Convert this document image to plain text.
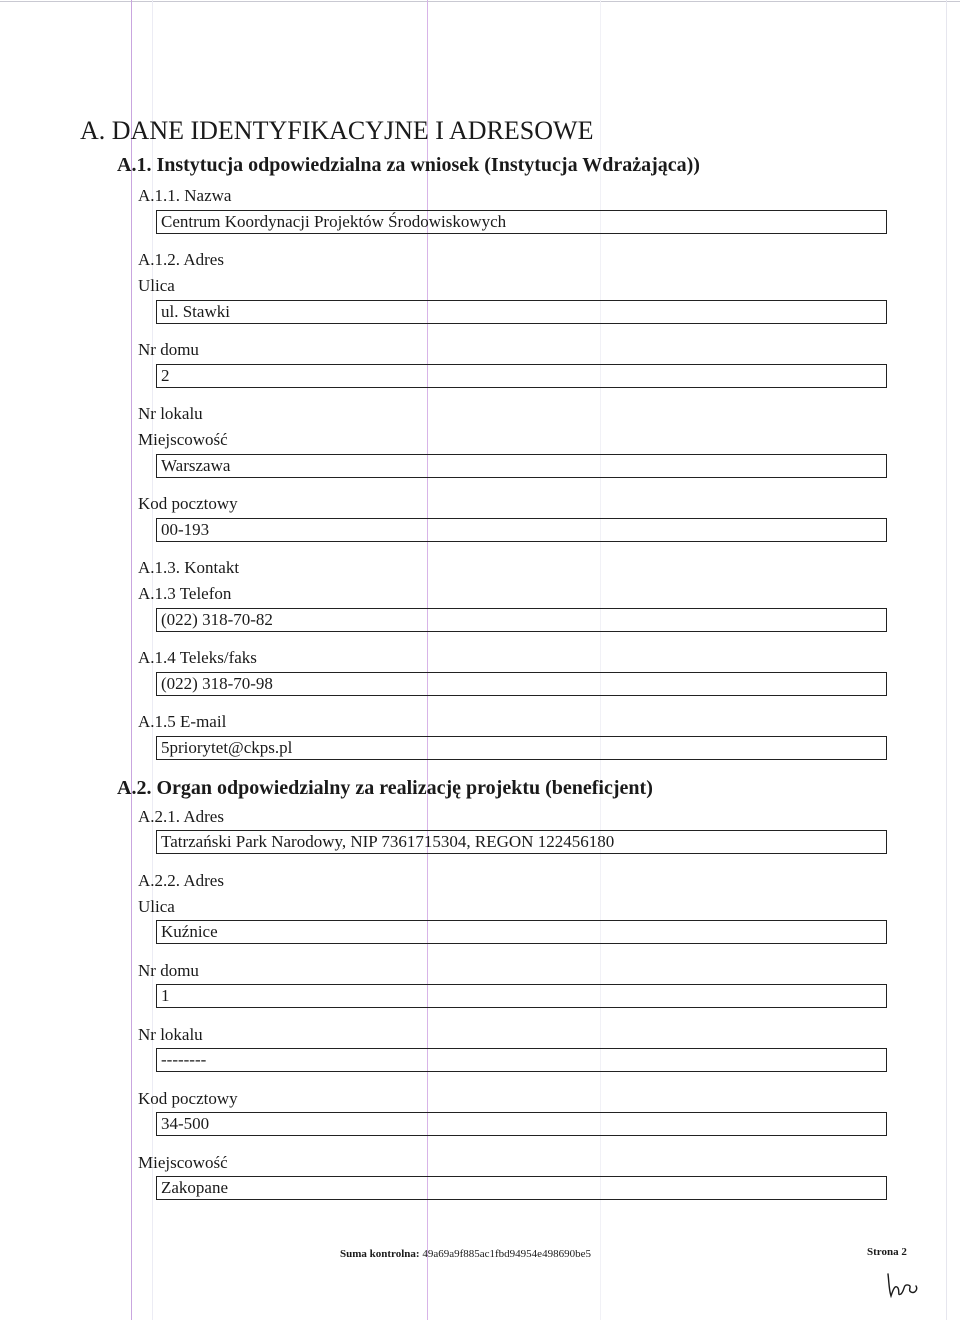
A. DANE IDENTYFIKACYJNE I ADRESOWE
A.1. Instytucja odpowiedzialna za wniosek (Instytucja Wdrażająca))
A.1.1. Nazwa
Centrum Koordynacji Projektów Środowiskowych
A.1.2. Adres
Ulica
ul. Stawki
Nr domu
2
Nr lokalu
Miejscowość
Warszawa
Kod pocztowy
00-193
A.1.3. Kontakt
A.1.3 Telefon
(022) 318-70-82
A.1.4 Teleks/faks
(022) 318-70-98
A.1.5 E-mail
5priorytet@ckps.pl
A.2. Organ odpowiedzialny za realizację projektu (beneficjent)
A.2.1. Adres
Tatrzański Park Narodowy, NIP 7361715304, REGON 122456180
A.2.2. Adres
Ulica
Kuźnice
Nr domu
1
Nr lokalu
--------
Kod pocztowy
34-500
Miejscowość
Zakopane
Suma kontrolna: 49a69a9f885ac1fbd94954e498690be5	Strona 2
